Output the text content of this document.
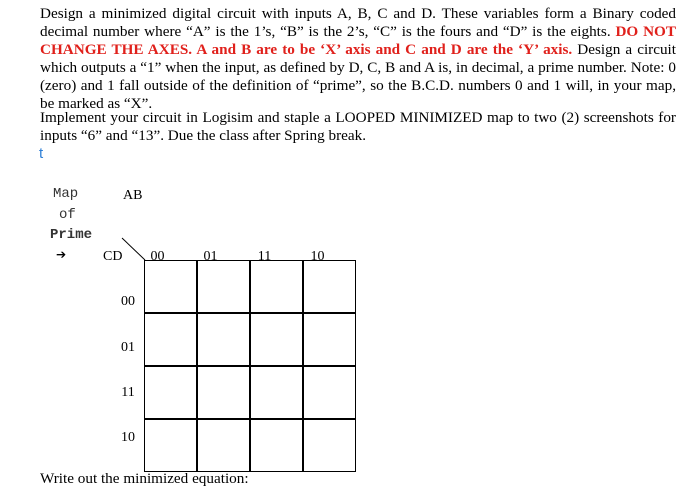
Design a minimized digital circuit with inputs A, B, C and D. These variables form a Binary coded decimal number where “A” is the 1’s, “B” is the 2’s, “C” is the fours and “D” is the eights. DO NOT CHANGE THE AXES. A and B are to be ‘X’ axis and C and D are the ‘Y’ axis. Design a circuit which outputs a “1” when the input, as defined by D, C, B and A is, in decimal, a prime number. Note: 0 (zero) and 1 fall outside of the definition of “prime”, so the B.C.D. numbers 0 and 1 will, in your map, be marked as “X”.
Implement your circuit in Logisim and staple a LOOPED MINIMIZED map to two (2) screenshots for inputs “6” and “13”. Due the class after Spring break.
t
Map
of
Prime
➔
AB
CD	00	01	11	10
00
01
11
10
Write out the minimized equation:
